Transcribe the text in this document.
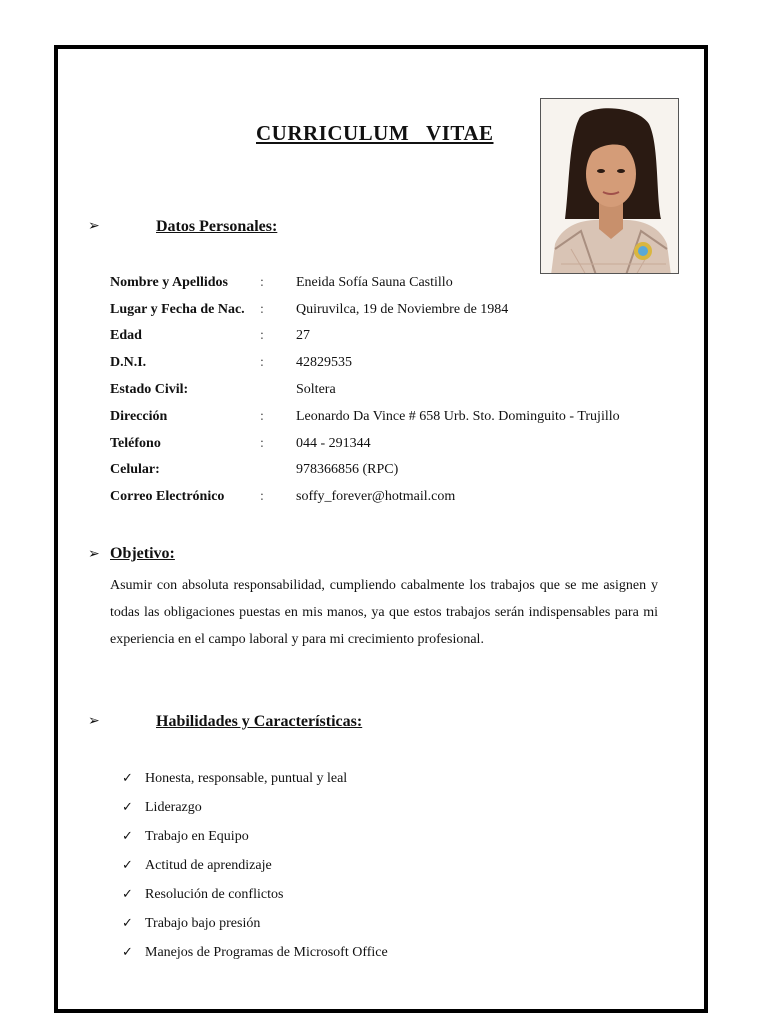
CURRICULUM   VITAE
➢	Datos Personales:
Nombre y Apellidos : Eneida Sofía Sauna Castillo
Lugar y Fecha de Nac. : Quiruvilca, 19 de Noviembre de 1984
Edad	: 27
D.N.I.	: 42829535
Estado Civil:	Soltera
Dirección	: Leonardo Da Vince # 658 Urb. Sto. Dominguito - Trujillo
Teléfono	: 044 - 291344
Celular:	978366856 (RPC)
Correo Electrónico	: soffy_forever@hotmail.com
➢ Objetivo:

Asumir con absoluta responsabilidad, cumpliendo cabalmente los trabajos que se me asignen y todas las obligaciones puestas en mis manos, ya que estos trabajos serán indispensables para mi experiencia en el campo laboral y para mi crecimiento profesional.

➢	Habilidades y Características:
✓ Honesta, responsable, puntual y leal
✓ Liderazgo
✓ Trabajo en Equipo
✓ Actitud de aprendizaje
✓ Resolución de conflictos
✓ Trabajo bajo presión
✓ Manejos de Programas de Microsoft Office
